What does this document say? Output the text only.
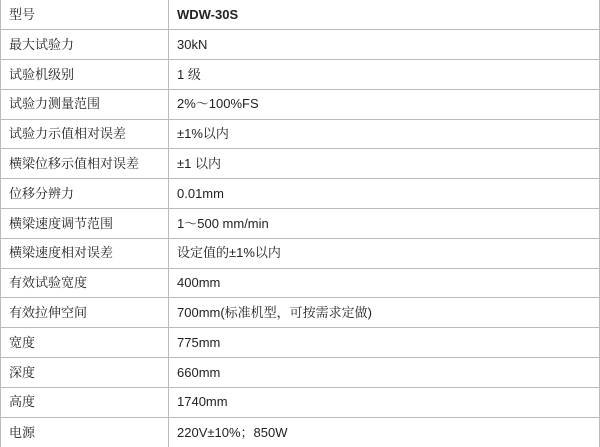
型号	WDW-30S
最大试验力	30kN
试验机级别	1 级
试验力测量范围	2%～100%FS
试验力示值相对误差	±1%以内
横梁位移示值相对误差	±1 以内
位移分辨力	0.01mm
横梁速度调节范围	1～500 mm/min
横梁速度相对误差	设定值的±1%以内
有效试验宽度	400mm
有效拉伸空间	700mm(标准机型，可按需求定做)
宽度	775mm
深度	660mm
高度	1740mm
电源	220V±10%；850W
